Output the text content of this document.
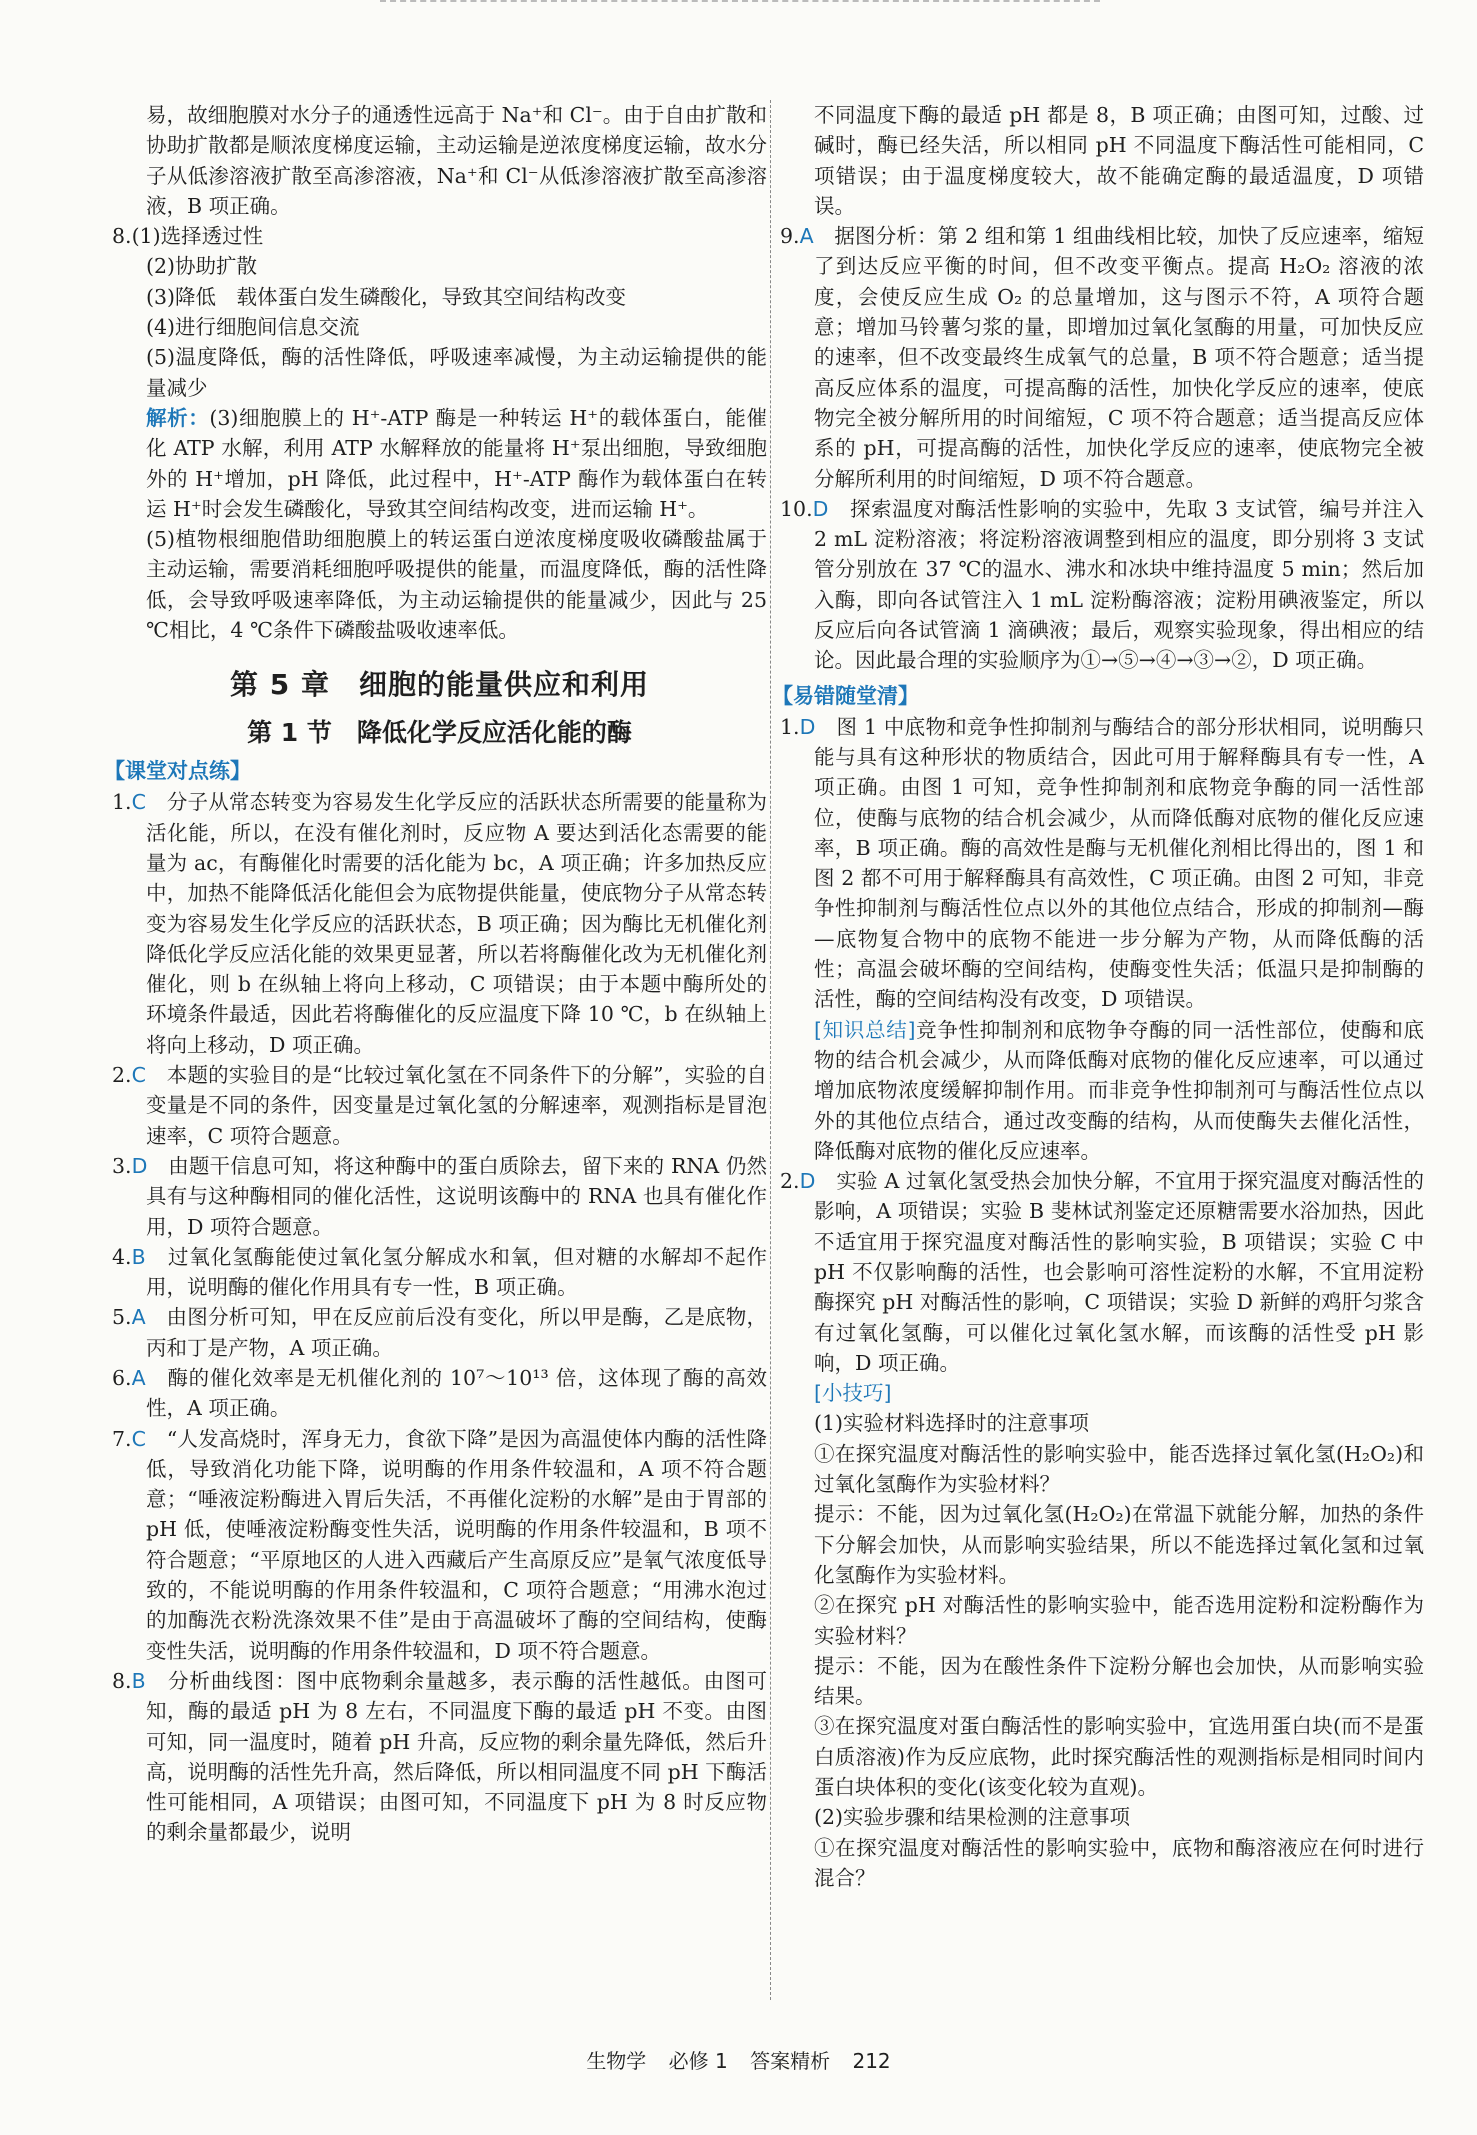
易，故细胞膜对水分子的通透性远高于 Na⁺和 Cl⁻。由于自由扩散和协助扩散都是顺浓度梯度运输，主动运输是逆浓度梯度运输，故水分子从低渗溶液扩散至高渗溶液，Na⁺和 Cl⁻从低渗溶液扩散至高渗溶液，B 项正确。

8.(1)选择透过性

(2)协助扩散

(3)降低　载体蛋白发生磷酸化，导致其空间结构改变

(4)进行细胞间信息交流

(5)温度降低，酶的活性降低，呼吸速率减慢，为主动运输提供的能量减少

解析：(3)细胞膜上的 H⁺-ATP 酶是一种转运 H⁺的载体蛋白，能催化 ATP 水解，利用 ATP 水解释放的能量将 H⁺泵出细胞，导致细胞外的 H⁺增加，pH 降低，此过程中，H⁺-ATP 酶作为载体蛋白在转运 H⁺时会发生磷酸化，导致其空间结构改变，进而运输 H⁺。

(5)植物根细胞借助细胞膜上的转运蛋白逆浓度梯度吸收磷酸盐属于主动运输，需要消耗细胞呼吸提供的能量，而温度降低，酶的活性降低，会导致呼吸速率降低，为主动运输提供的能量减少，因此与 25 ℃相比，4 ℃条件下磷酸盐吸收速率低。

第 5 章　细胞的能量供应和利用
第 1 节　降低化学反应活化能的酶
【课堂对点练】

1.C　 分子从常态转变为容易发生化学反应的活跃状态所需要的能量称为活化能，所以，在没有催化剂时，反应物 A 要达到活化态需要的能量为 ac，有酶催化时需要的活化能为 bc，A 项正确；许多加热反应中，加热不能降低活化能但会为底物提供能量，使底物分子从常态转变为容易发生化学反应的活跃状态，B 项正确；因为酶比无机催化剂降低化学反应活化能的效果更显著，所以若将酶催化改为无机催化剂催化，则 b 在纵轴上将向上移动，C 项错误；由于本题中酶所处的环境条件最适，因此若将酶催化的反应温度下降 10 ℃，b 在纵轴上将向上移动，D 项正确。

2.C　 本题的实验目的是“比较过氧化氢在不同条件下的分解”，实验的自变量是不同的条件，因变量是过氧化氢的分解速率，观测指标是冒泡速率，C 项符合题意。

3.D　 由题干信息可知，将这种酶中的蛋白质除去，留下来的 RNA 仍然具有与这种酶相同的催化活性，这说明该酶中的 RNA 也具有催化作用，D 项符合题意。

4.B　 过氧化氢酶能使过氧化氢分解成水和氧，但对糖的水解却不起作用，说明酶的催化作用具有专一性，B 项正确。

5.A　 由图分析可知，甲在反应前后没有变化，所以甲是酶，乙是底物，丙和丁是产物，A 项正确。

6.A　 酶的催化效率是无机催化剂的 10⁷～10¹³ 倍，这体现了酶的高效性，A 项正确。

7.C　 “人发高烧时，浑身无力，食欲下降”是因为高温使体内酶的活性降低，导致消化功能下降，说明酶的作用条件较温和，A 项不符合题意；“唾液淀粉酶进入胃后失活，不再催化淀粉的水解”是由于胃部的 pH 低，使唾液淀粉酶变性失活，说明酶的作用条件较温和，B 项不符合题意；“平原地区的人进入西藏后产生高原反应”是氧气浓度低导致的，不能说明酶的作用条件较温和，C 项符合题意；“用沸水泡过的加酶洗衣粉洗涤效果不佳”是由于高温破坏了酶的空间结构，使酶变性失活，说明酶的作用条件较温和，D 项不符合题意。

8.B　 分析曲线图：图中底物剩余量越多，表示酶的活性越低。由图可知，酶的最适 pH 为 8 左右，不同温度下酶的最适 pH 不变。由图可知，同一温度时，随着 pH 升高，反应物的剩余量先降低，然后升高，说明酶的活性先升高，然后降低，所以相同温度不同 pH 下酶活性可能相同，A 项错误；由图可知，不同温度下 pH 为 8 时反应物的剩余量都最少，说明

不同温度下酶的最适 pH 都是 8，B 项正确；由图可知，过酸、过碱时，酶已经失活，所以相同 pH 不同温度下酶活性可能相同，C 项错误；由于温度梯度较大，故不能确定酶的最适温度，D 项错误。

9.A　 据图分析：第 2 组和第 1 组曲线相比较，加快了反应速率，缩短了到达反应平衡的时间，但不改变平衡点。提高 H₂O₂ 溶液的浓度，会使反应生成 O₂ 的总量增加，这与图示不符，A 项符合题意；增加马铃薯匀浆的量，即增加过氧化氢酶的用量，可加快反应的速率，但不改变最终生成氧气的总量，B 项不符合题意；适当提高反应体系的温度，可提高酶的活性，加快化学反应的速率，使底物完全被分解所用的时间缩短，C 项不符合题意；适当提高反应体系的 pH，可提高酶的活性，加快化学反应的速率，使底物完全被分解所利用的时间缩短，D 项不符合题意。

10.D　 探索温度对酶活性影响的实验中，先取 3 支试管，编号并注入 2 mL 淀粉溶液；将淀粉溶液调整到相应的温度，即分别将 3 支试管分别放在 37 ℃的温水、沸水和冰块中维持温度 5 min；然后加入酶，即向各试管注入 1 mL 淀粉酶溶液；淀粉用碘液鉴定，所以反应后向各试管滴 1 滴碘液；最后，观察实验现象，得出相应的结论。因此最合理的实验顺序为①→⑤→④→③→②，D 项正确。

【易错随堂清】

1.D　 图 1 中底物和竞争性抑制剂与酶结合的部分形状相同，说明酶只能与具有这种形状的物质结合，因此可用于解释酶具有专一性，A 项正确。由图 1 可知，竞争性抑制剂和底物竞争酶的同一活性部位，使酶与底物的结合机会减少，从而降低酶对底物的催化反应速率，B 项正确。酶的高效性是酶与无机催化剂相比得出的，图 1 和图 2 都不可用于解释酶具有高效性，C 项正确。由图 2 可知，非竞争性抑制剂与酶活性位点以外的其他位点结合，形成的抑制剂—酶—底物复合物中的底物不能进一步分解为产物，从而降低酶的活性；高温会破坏酶的空间结构，使酶变性失活；低温只是抑制酶的活性，酶的空间结构没有改变，D 项错误。

[知识总结]竞争性抑制剂和底物争夺酶的同一活性部位，使酶和底物的结合机会减少，从而降低酶对底物的催化反应速率，可以通过增加底物浓度缓解抑制作用。而非竞争性抑制剂可与酶活性位点以外的其他位点结合，通过改变酶的结构，从而使酶失去催化活性，降低酶对底物的催化反应速率。

2.D　 实验 A 过氧化氢受热会加快分解，不宜用于探究温度对酶活性的影响，A 项错误；实验 B 斐林试剂鉴定还原糖需要水浴加热，因此不适宜用于探究温度对酶活性的影响实验，B 项错误；实验 C 中 pH 不仅影响酶的活性，也会影响可溶性淀粉的水解，不宜用淀粉酶探究 pH 对酶活性的影响，C 项错误；实验 D 新鲜的鸡肝匀浆含有过氧化氢酶，可以催化过氧化氢水解，而该酶的活性受 pH 影响，D 项正确。

[小技巧]

(1)实验材料选择时的注意事项

①在探究温度对酶活性的影响实验中，能否选择过氧化氢(H₂O₂)和过氧化氢酶作为实验材料？

提示：不能，因为过氧化氢(H₂O₂)在常温下就能分解，加热的条件下分解会加快，从而影响实验结果，所以不能选择过氧化氢和过氧化氢酶作为实验材料。

②在探究 pH 对酶活性的影响实验中，能否选用淀粉和淀粉酶作为实验材料？

提示：不能，因为在酸性条件下淀粉分解也会加快，从而影响实验结果。

③在探究温度对蛋白酶活性的影响实验中，宜选用蛋白块(而不是蛋白质溶液)作为反应底物，此时探究酶活性的观测指标是相同时间内蛋白块体积的变化(该变化较为直观)。

(2)实验步骤和结果检测的注意事项

①在探究温度对酶活性的影响实验中，底物和酶溶液应在何时进行混合？

生物学 必修 1 答案精析 212
